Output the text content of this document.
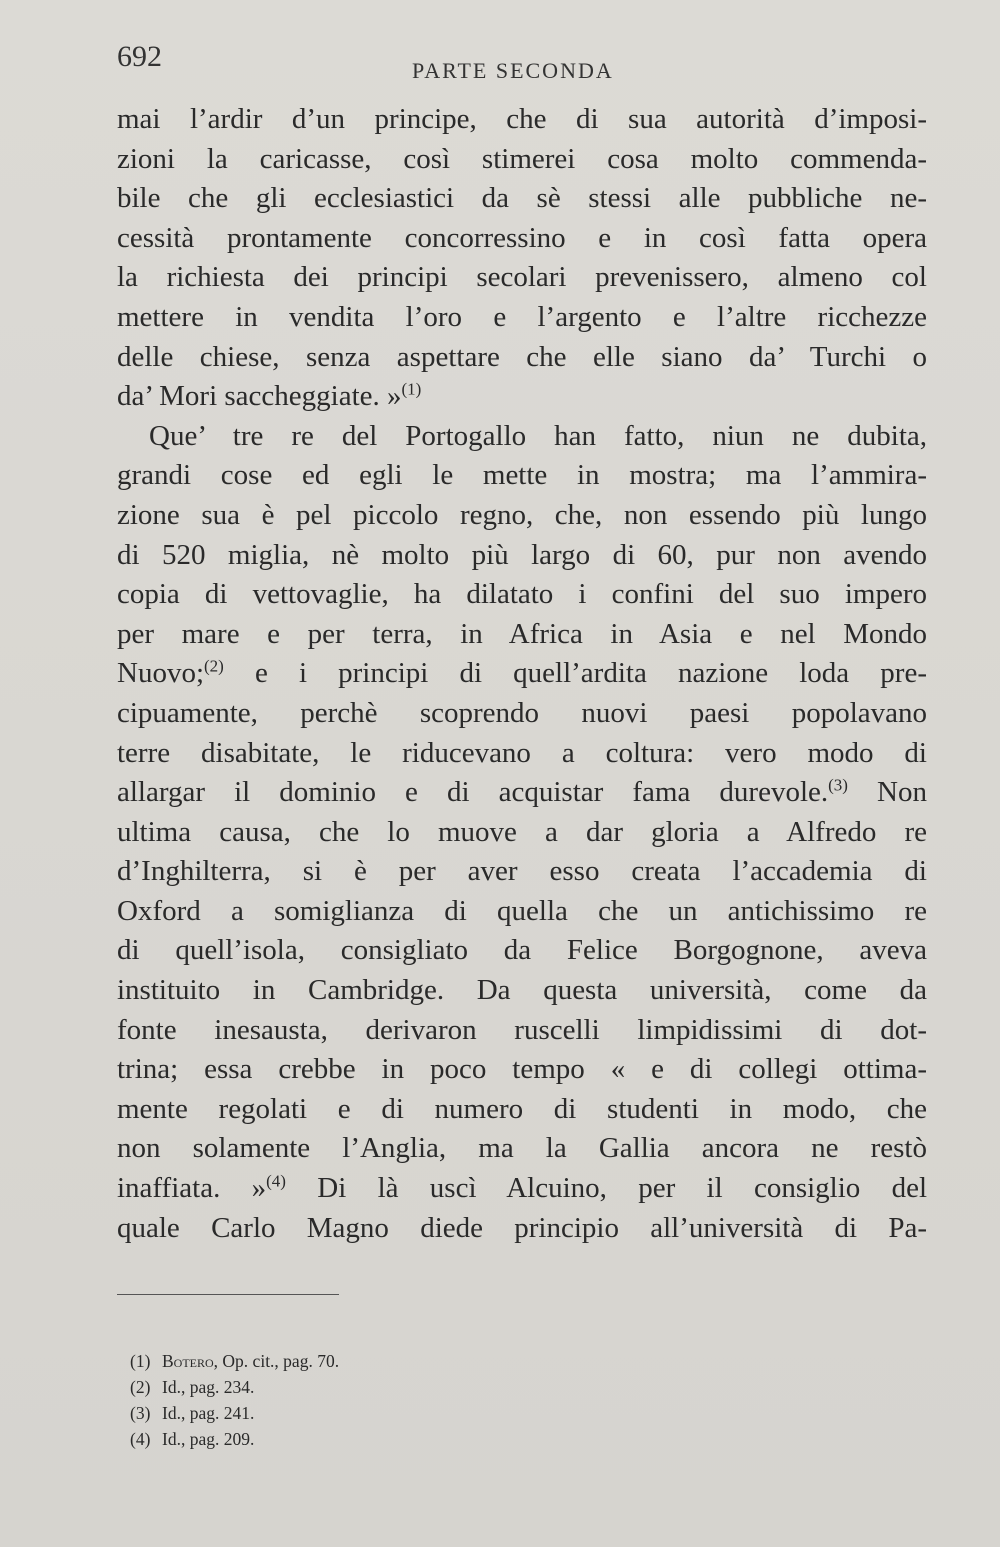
692	PARTE SECONDA
mai l’ardir d’un principe, che di sua autorità d’imposi-
zioni la caricasse, così stimerei cosa molto commenda-
bile che gli ecclesiastici da sè stessi alle pubbliche ne-
cessità prontamente concorressino e in così fatta opera
la richiesta dei principi secolari prevenissero, almeno col
mettere in vendita l’oro e l’argento e l’altre ricchezze
delle chiese, senza aspettare che elle siano da’ Turchi o
da’ Mori saccheggiate. »$^{(1)}$
Que’ tre re del Portogallo han fatto, niun ne dubita,
grandi cose ed egli le mette in mostra; ma l’ammira-
zione sua è pel piccolo regno, che, non essendo più lungo
di 520 miglia, nè molto più largo di 60, pur non avendo
copia di vettovaglie, ha dilatato i confini del suo impero
per mare e per terra, in Africa in Asia e nel Mondo
Nuovo;$^{(2)}$ e i principi di quell’ardita nazione loda pre-
cipuamente, perchè scoprendo nuovi paesi popolavano
terre disabitate, le riducevano a coltura: vero modo di
allargar il dominio e di acquistar fama durevole.$^{(3)}$ Non
ultima causa, che lo muove a dar gloria a Alfredo re
d’Inghilterra, si è per aver esso creata l’accademia di
Oxford a somiglianza di quella che un antichissimo re
di quell’isola, consigliato da Felice Borgognone, aveva
instituito in Cambridge. Da questa università, come da
fonte inesausta, derivaron ruscelli limpidissimi di dot-
trina; essa crebbe in poco tempo « e di collegi ottima-
mente regolati e di numero di studenti in modo, che
non solamente l’Anglia, ma la Gallia ancora ne restò
inaffiata. »$^{(4)}$ Di là uscì Alcuino, per il consiglio del
quale Carlo Magno diede principio all’università di Pa-
(1) Botero, Op. cit., pag. 70.
(2) Id., pag. 234.
(3) Id., pag. 241.
(4) Id., pag. 209.
